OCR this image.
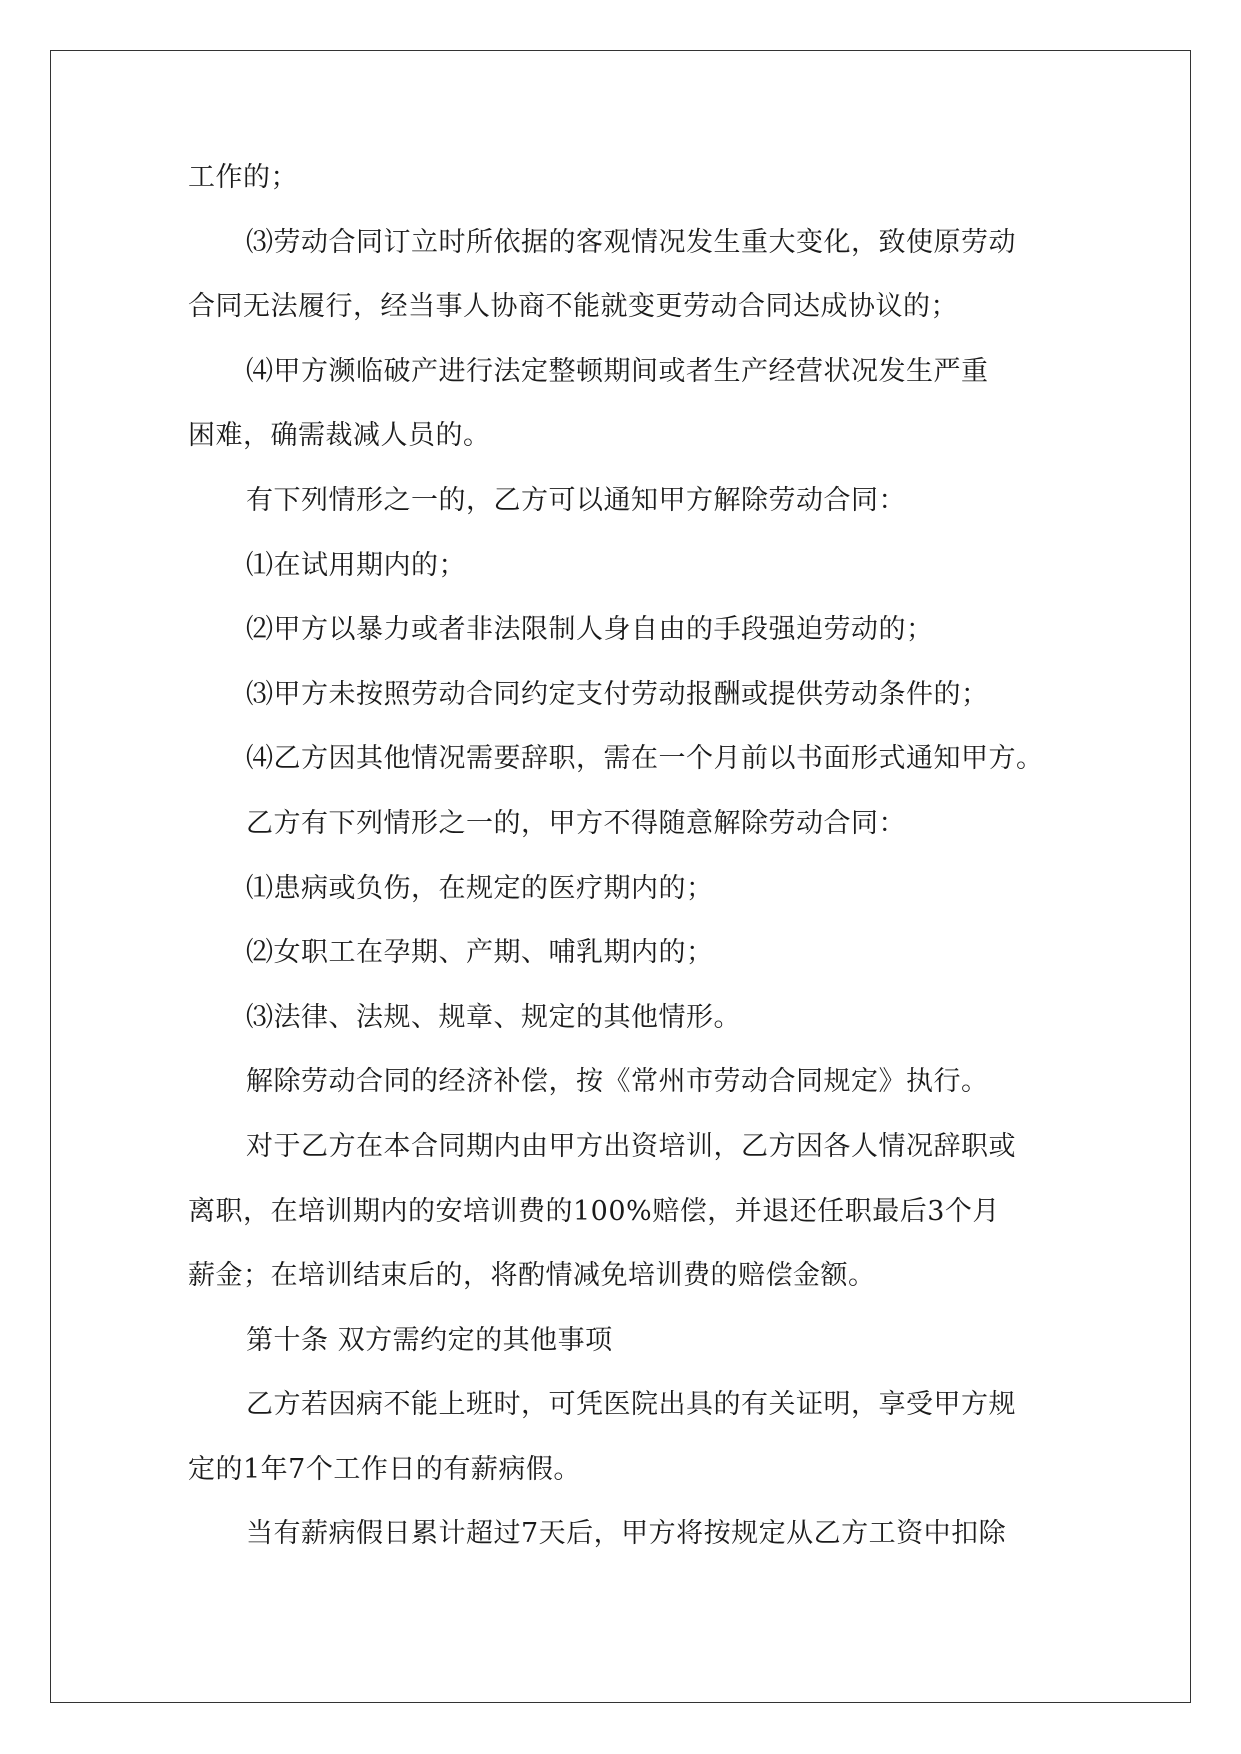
工作的；
⑶劳动合同订立时所依据的客观情况发生重大变化，致使原劳动
合同无法履行，经当事人协商不能就变更劳动合同达成协议的；
⑷甲方濒临破产进行法定整顿期间或者生产经营状况发生严重
困难，确需裁减人员的。
有下列情形之一的，乙方可以通知甲方解除劳动合同：
⑴在试用期内的；
⑵甲方以暴力或者非法限制人身自由的手段强迫劳动的；
⑶甲方未按照劳动合同约定支付劳动报酬或提供劳动条件的；
⑷乙方因其他情况需要辞职，需在一个月前以书面形式通知甲方。
乙方有下列情形之一的，甲方不得随意解除劳动合同：
⑴患病或负伤，在规定的医疗期内的；
⑵女职工在孕期、产期、哺乳期内的；
⑶法律、法规、规章、规定的其他情形。
解除劳动合同的经济补偿，按《常州市劳动合同规定》执行。
对于乙方在本合同期内由甲方出资培训，乙方因各人情况辞职或
离职，在培训期内的安培训费的100%赔偿，并退还任职最后3个月
薪金；在培训结束后的，将酌情减免培训费的赔偿金额。
第十条 双方需约定的其他事项
乙方若因病不能上班时，可凭医院出具的有关证明，享受甲方规
定的1年7个工作日的有薪病假。
当有薪病假日累计超过7天后，甲方将按规定从乙方工资中扣除
